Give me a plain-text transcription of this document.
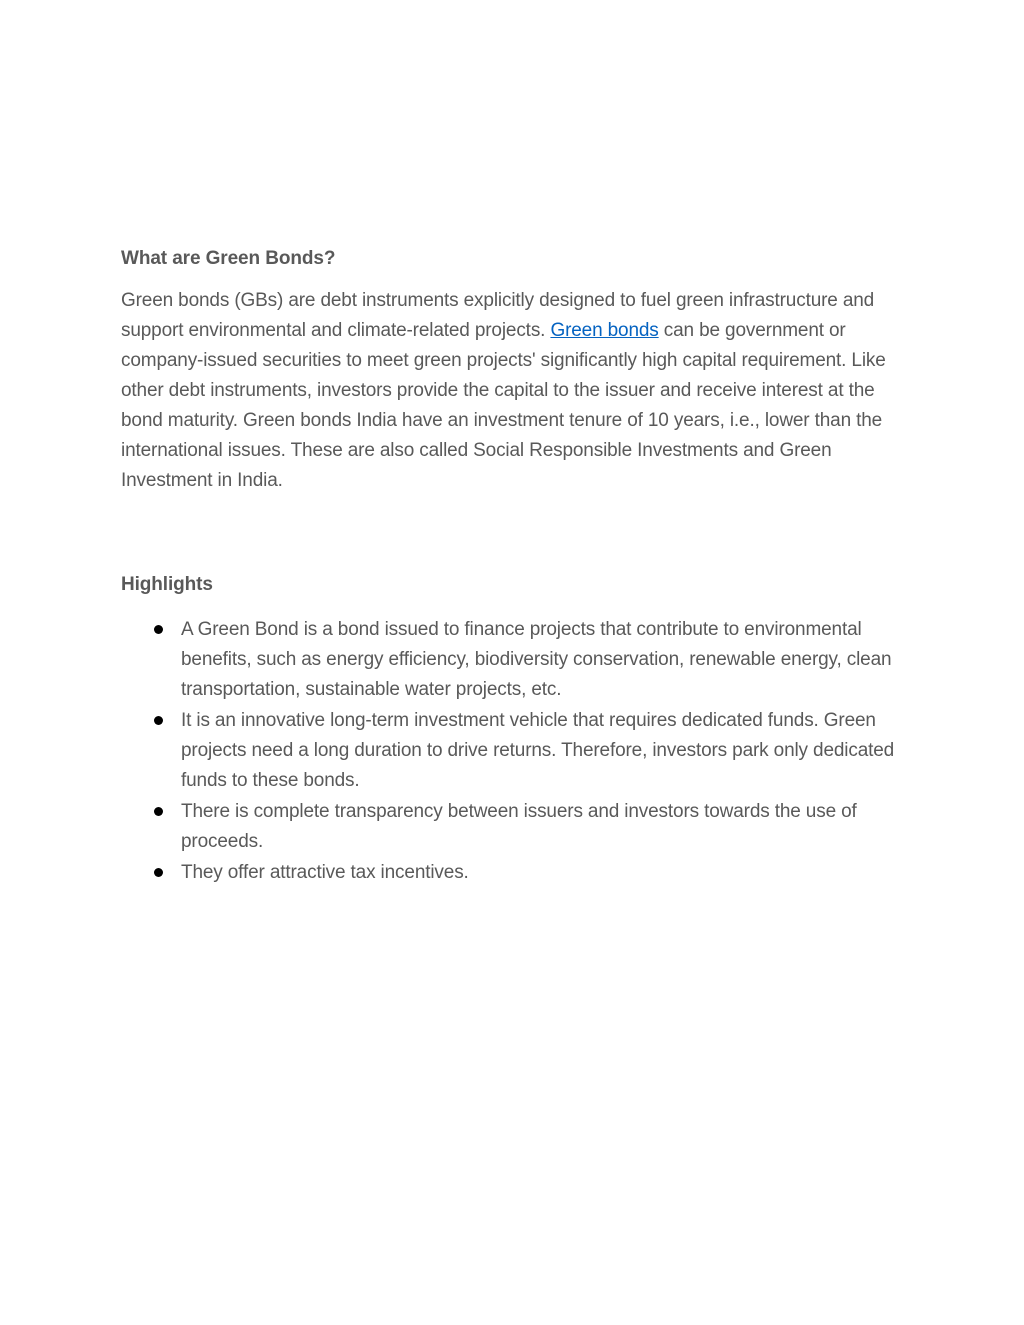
What are Green Bonds?

Green bonds (GBs) are debt instruments explicitly designed to fuel green infrastructure and support environmental and climate-related projects. Green bonds can be government or company-issued securities to meet green projects' significantly high capital requirement. Like other debt instruments, investors provide the capital to the issuer and receive interest at the bond maturity. Green bonds India have an investment tenure of 10 years, i.e., lower than the international issues. These are also called Social Responsible Investments and Green Investment in India.

Highlights
A Green Bond is a bond issued to finance projects that contribute to environmental benefits, such as energy efficiency, biodiversity conservation, renewable energy, clean transportation, sustainable water projects, etc.
It is an innovative long-term investment vehicle that requires dedicated funds. Green projects need a long duration to drive returns. Therefore, investors park only dedicated funds to these bonds.
There is complete transparency between issuers and investors towards the use of proceeds.
They offer attractive tax incentives.
